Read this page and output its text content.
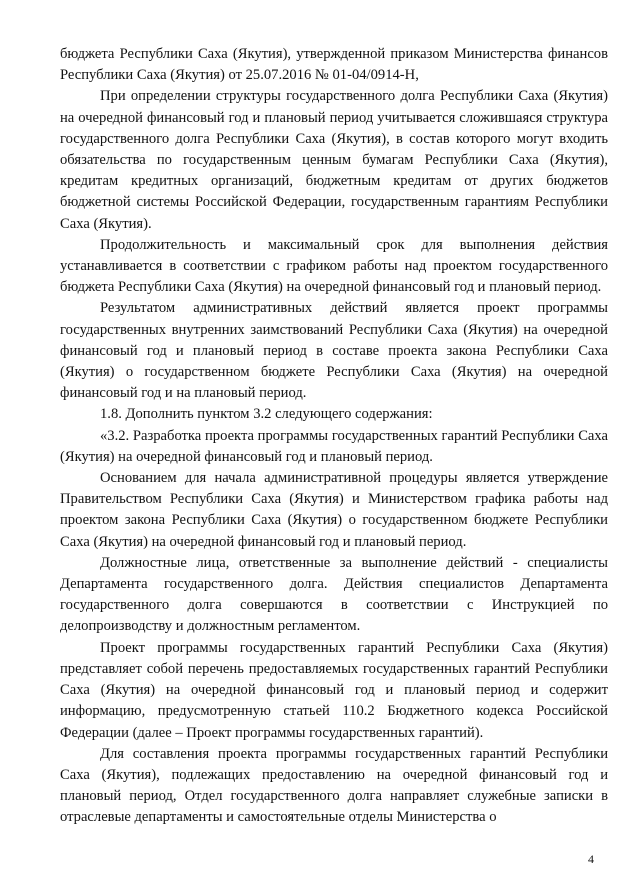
бюджета Республики Саха (Якутия), утвержденной приказом Министерства финансов Республики Саха (Якутия) от 25.07.2016 № 01-04/0914-Н,

При определении структуры государственного долга Республики Саха (Якутия) на очередной финансовый год и плановый период учитывается сложившаяся структура государственного долга Республики Саха (Якутия), в состав которого могут входить обязательства по государственным ценным бумагам Республики Саха (Якутия), кредитам кредитных организаций, бюджетным кредитам от других бюджетов бюджетной системы Российской Федерации, государственным гарантиям Республики Саха (Якутия).

Продолжительность и максимальный срок для выполнения действия устанавливается в соответствии с графиком работы над проектом государственного бюджета Республики Саха (Якутия) на очередной финансовый год и плановый период.

Результатом административных действий является проект программы государственных внутренних заимствований Республики Саха (Якутия) на очередной финансовый год и плановый период в составе проекта закона Республики Саха (Якутия) о государственном бюджете Республики Саха (Якутия) на очередной финансовый год и на плановый период.

1.8. Дополнить пунктом 3.2 следующего содержания:

«3.2. Разработка проекта программы государственных гарантий Республики Саха (Якутия) на очередной финансовый год и плановый период.

Основанием для начала административной процедуры является утверждение Правительством Республики Саха (Якутия) и Министерством графика работы над проектом закона Республики Саха (Якутия) о государственном бюджете Республики Саха (Якутия) на очередной финансовый год и плановый период.

Должностные лица, ответственные за выполнение действий - специалисты Департамента государственного долга. Действия специалистов Департамента государственного долга совершаются в соответствии с Инструкцией по делопроизводству и должностным регламентом.

Проект программы государственных гарантий Республики Саха (Якутия) представляет собой перечень предоставляемых государственных гарантий Республики Саха (Якутия) на очередной финансовый год и плановый период и содержит информацию, предусмотренную статьей 110.2 Бюджетного кодекса Российской Федерации (далее – Проект программы государственных гарантий).

Для составления проекта программы государственных гарантий Республики Саха (Якутия), подлежащих предоставлению на очередной финансовый год и плановый период, Отдел государственного долга направляет служебные записки в отраслевые департаменты и самостоятельные отделы Министерства о

4
